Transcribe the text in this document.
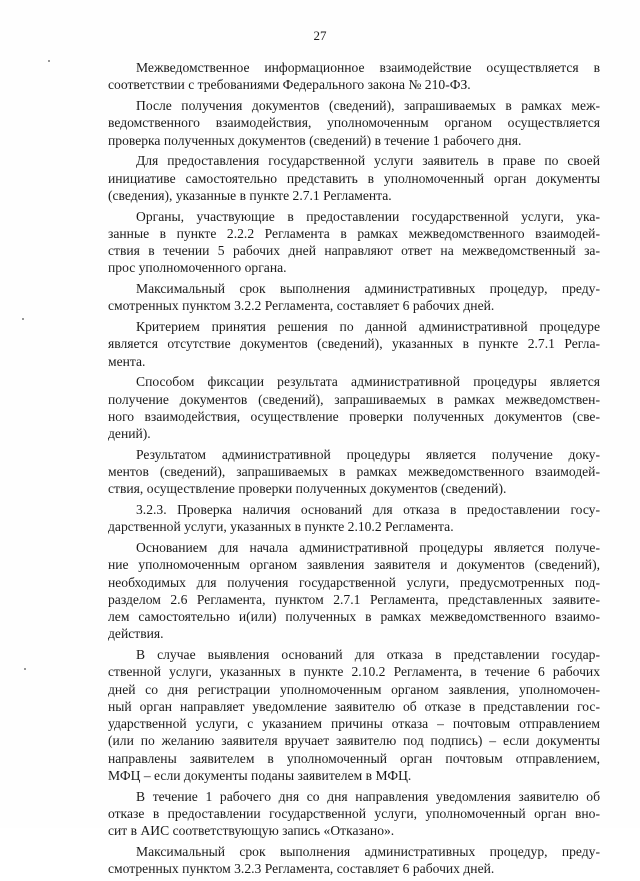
27
Межведомственное информационное взаимодействие осуществляется в
соответствии с требованиями Федерального закона № 210-ФЗ.
После получения документов (сведений), запрашиваемых в рамках меж-
ведомственного взаимодействия, уполномоченным органом осуществляется
проверка полученных документов (сведений) в течение 1 рабочего дня.
Для предоставления государственной услуги заявитель в праве по своей
инициативе самостоятельно представить в уполномоченный орган документы
(сведения), указанные в пункте 2.7.1 Регламента.
Органы, участвующие в предоставлении государственной услуги, ука-
занные в пункте 2.2.2 Регламента в рамках межведомственного взаимодей-
ствия в течении 5 рабочих дней направляют ответ на межведомственный за-
прос уполномоченного органа.
Максимальный срок выполнения административных процедур, преду-
смотренных пунктом 3.2.2 Регламента, составляет 6 рабочих дней.
Критерием принятия решения по данной административной процедуре
является отсутствие документов (сведений), указанных в пункте 2.7.1 Регла-
мента.
Способом фиксации результата административной процедуры является
получение документов (сведений), запрашиваемых в рамках межведомствен-
ного взаимодействия, осуществление проверки полученных документов (све-
дений).
Результатом административной процедуры является получение доку-
ментов (сведений), запрашиваемых в рамках межведомственного взаимодей-
ствия, осуществление проверки полученных документов (сведений).
3.2.3. Проверка наличия оснований для отказа в предоставлении госу-
дарственной услуги, указанных в пункте 2.10.2 Регламента.
Основанием для начала административной процедуры является получе-
ние уполномоченным органом заявления заявителя и документов (сведений),
необходимых для получения государственной услуги, предусмотренных под-
разделом 2.6 Регламента, пунктом 2.7.1 Регламента, представленных заявите-
лем самостоятельно и(или) полученных в рамках межведомственного взаимо-
действия.
В случае выявления оснований для отказа в представлении государ-
ственной услуги, указанных в пункте 2.10.2 Регламента, в течение 6 рабочих
дней со дня регистрации уполномоченным органом заявления, уполномочен-
ный орган направляет уведомление заявителю об отказе в представлении гос-
ударственной услуги, с указанием причины отказа – почтовым отправлением
(или по желанию заявителя вручает заявителю под подпись) – если документы
направлены заявителем в уполномоченный орган почтовым отправлением,
МФЦ – если документы поданы заявителем в МФЦ.
В течение 1 рабочего дня со дня направления уведомления заявителю об
отказе в предоставлении государственной услуги, уполномоченный орган вно-
сит в АИС соответствующую запись «Отказано».
Максимальный срок выполнения административных процедур, преду-
смотренных пунктом 3.2.3 Регламента, составляет 6 рабочих дней.
